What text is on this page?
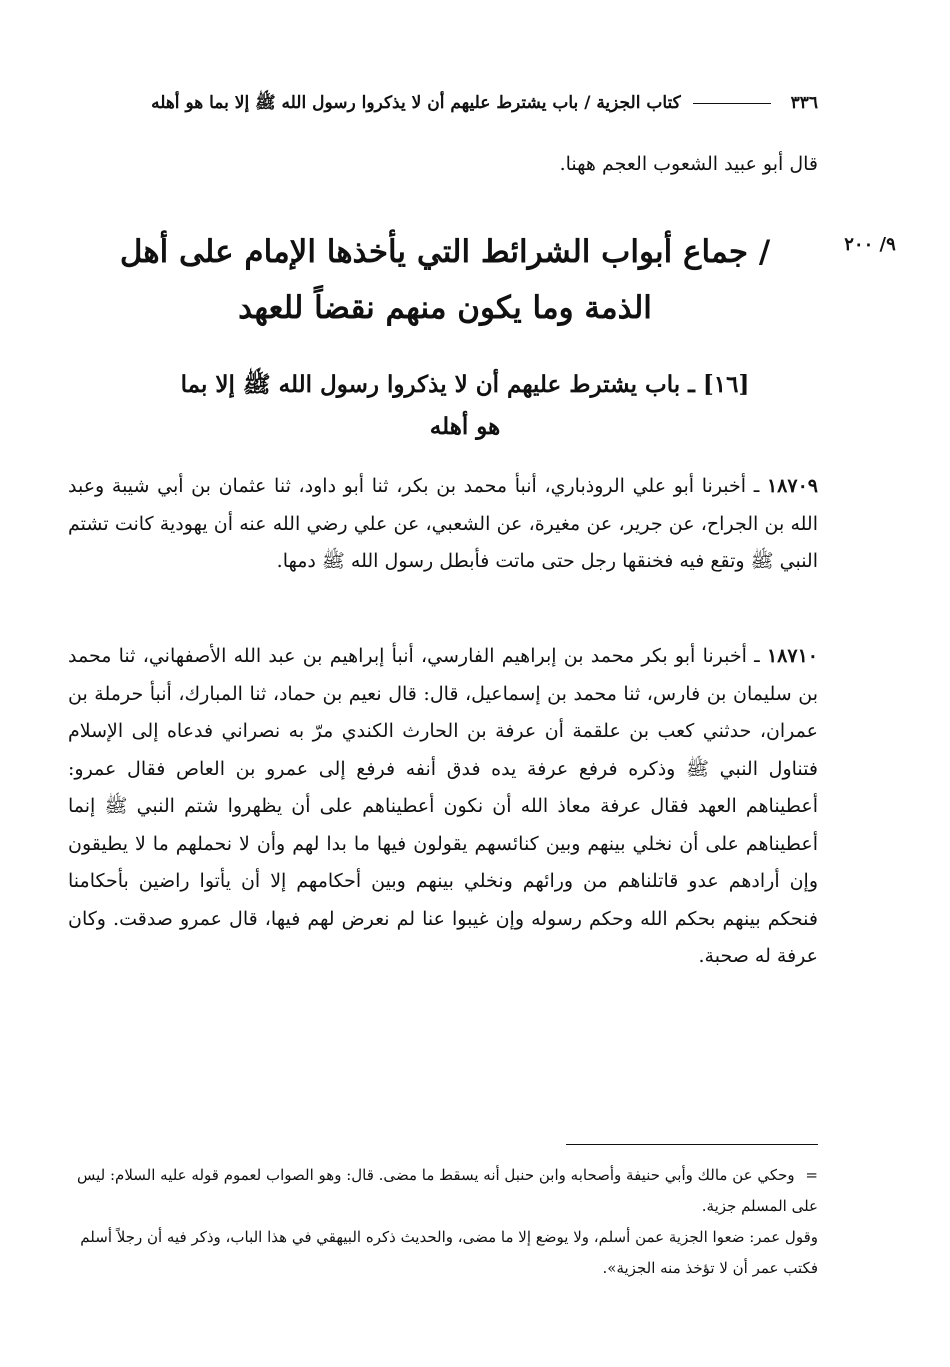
٣٣٦  كتاب الجزية / باب يشترط عليهم أن لا يذكروا رسول الله ﷺ إلا بما هو أهله
قال أبو عبيد الشعوب العجم ههنا.
٩/ ٢٠٠
/ جماع أبواب الشرائط التي يأخذها الإمام على أهل الذمة وما يكون منهم نقضاً للعهد
[١٦] ـ باب يشترط عليهم أن لا يذكروا رسول الله ﷺ إلا بما هو أهله
١٨٧٠٩ ـ أخبرنا أبو علي الروذباري، أنبأ محمد بن بكر، ثنا أبو داود، ثنا عثمان بن أبي شيبة وعبد الله بن الجراح، عن جرير، عن مغيرة، عن الشعبي، عن علي رضي الله عنه أن يهودية كانت تشتم النبي ﷺ وتقع فيه فخنقها رجل حتى ماتت فأبطل رسول الله ﷺ دمها.
١٨٧١٠ ـ أخبرنا أبو بكر محمد بن إبراهيم الفارسي، أنبأ إبراهيم بن عبد الله الأصفهاني، ثنا محمد بن سليمان بن فارس، ثنا محمد بن إسماعيل، قال: قال نعيم بن حماد، ثنا المبارك، أنبأ حرملة بن عمران، حدثني كعب بن علقمة أن عرفة بن الحارث الكندي مرّ به نصراني فدعاه إلى الإسلام فتناول النبي ﷺ وذكره فرفع عرفة يده فدق أنفه فرفع إلى عمرو بن العاص فقال عمرو: أعطيناهم العهد فقال عرفة معاذ الله أن نكون أعطيناهم على أن يظهروا شتم النبي ﷺ إنما أعطيناهم على أن نخلي بينهم وبين كنائسهم يقولون فيها ما بدا لهم وأن لا نحملهم ما لا يطيقون وإن أرادهم عدو قاتلناهم من ورائهم ونخلي بينهم وبين أحكامهم إلا أن يأتوا راضين بأحكامنا فنحكم بينهم بحكم الله وحكم رسوله وإن غيبوا عنا لم نعرض لهم فيها، قال عمرو صدقت. وكان عرفة له صحبة.

= وحكي عن مالك وأبي حنيفة وأصحابه وابن حنبل أنه يسقط ما مضى. قال: وهو الصواب لعموم قوله عليه السلام: ليس على المسلم جزية.

وقول عمر: ضعوا الجزية عمن أسلم، ولا يوضع إلا ما مضى، والحديث ذكره البيهقي في هذا الباب، وذكر فيه أن رجلاً أسلم فكتب عمر أن لا تؤخذ منه الجزية».
